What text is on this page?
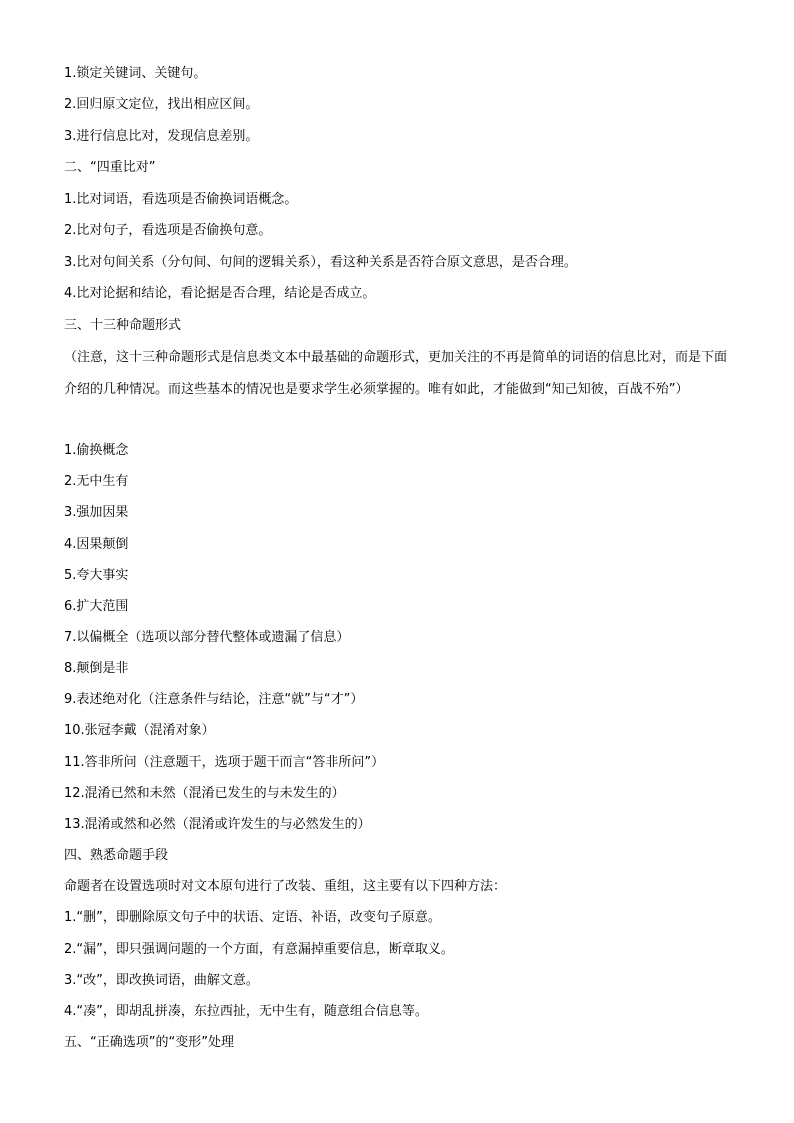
1.锁定关键词、关键句。
2.回归原文定位，找出相应区间。
3.进行信息比对，发现信息差别。
二、“四重比对”
1.比对词语，看选项是否偷换词语概念。
2.比对句子，看选项是否偷换句意。
3.比对句间关系（分句间、句间的逻辑关系），看这种关系是否符合原文意思，是否合理。
4.比对论据和结论，看论据是否合理，结论是否成立。
三、十三种命题形式
（注意，这十三种命题形式是信息类文本中最基础的命题形式，更加关注的不再是简单的词语的信息比对，而是下面介绍的几种情况。而这些基本的情况也是要求学生必须掌握的。唯有如此，才能做到“知己知彼，百战不殆”）
1.偷换概念
2.无中生有
3.强加因果
4.因果颠倒
5.夸大事实
6.扩大范围
7.以偏概全（选项以部分替代整体或遗漏了信息）
8.颠倒是非
9.表述绝对化（注意条件与结论，注意“就”与“才”）
10.张冠李戴（混淆对象）
11.答非所问（注意题干，选项于题干而言“答非所问”）
12.混淆已然和未然（混淆已发生的与未发生的）
13.混淆或然和必然（混淆或许发生的与必然发生的）
四、熟悉命题手段
命题者在设置选项时对文本原句进行了改装、重组，这主要有以下四种方法：
1.“删”，即删除原文句子中的状语、定语、补语，改变句子原意。
2.“漏”，即只强调问题的一个方面，有意漏掉重要信息，断章取义。
3.“改”，即改换词语，曲解文意。
4.“凑”，即胡乱拼凑，东拉西扯，无中生有，随意组合信息等。
五、“正确选项”的“变形”处理
